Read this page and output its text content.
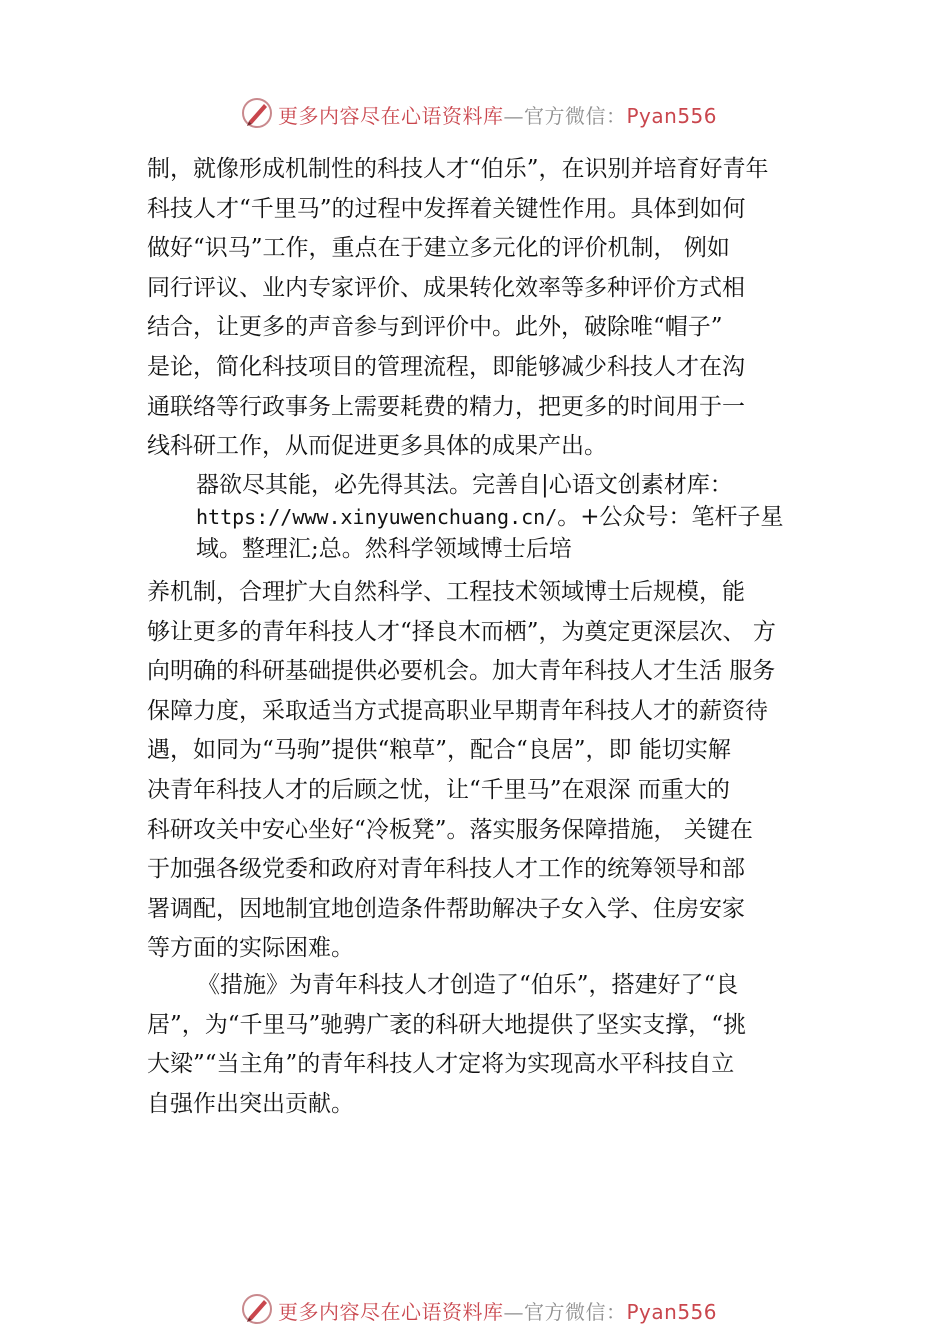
更多内容尽在心语资料库—官方微信：Pyan556
制，就像形成机制性的科技人才“伯乐”，在识别并培育好青年
科技人才“千里马”的过程中发挥着关键性作用。具体到如何
做好“识马”工作，重点在于建立多元化的评价机制， 例如
同行评议、业内专家评价、成果转化效率等多种评价方式相
结合，让更多的声音参与到评价中。此外，破除唯“帽子”
是论，简化科技项目的管理流程，即能够减少科技人才在沟
通联络等行政事务上需要耗费的精力，把更多的时间用于一
线科研工作，从而促进更多具体的成果产出。
器欲尽其能，必先得其法。完善自|心语文创素材库：
https://www.xinyuwenchuang.cn/。+公众号：笔杆子星
域。整理汇;总。然科学领域博士后培
养机制，合理扩大自然科学、工程技术领域博士后规模，能
够让更多的青年科技人才“择良木而栖”，为奠定更深层次、 方
向明确的科研基础提供必要机会。加大青年科技人才生活 服务
保障力度，采取适当方式提高职业早期青年科技人才的薪资待
遇，如同为“马驹”提供“粮草”，配合“良居”，即 能切实解
决青年科技人才的后顾之忧，让“千里马”在艰深 而重大的
科研攻关中安心坐好“冷板凳”。落实服务保障措施， 关键在
于加强各级党委和政府对青年科技人才工作的统筹领导和部
署调配，因地制宜地创造条件帮助解决子女入学、住房安家
等方面的实际困难。
《措施》为青年科技人才创造了“伯乐”，搭建好了“良
居”，为“千里马”驰骋广袤的科研大地提供了坚实支撑，“挑
大梁”“当主角”的青年科技人才定将为实现高水平科技自立
自强作出突出贡献。
更多内容尽在心语资料库—官方微信：Pyan556
